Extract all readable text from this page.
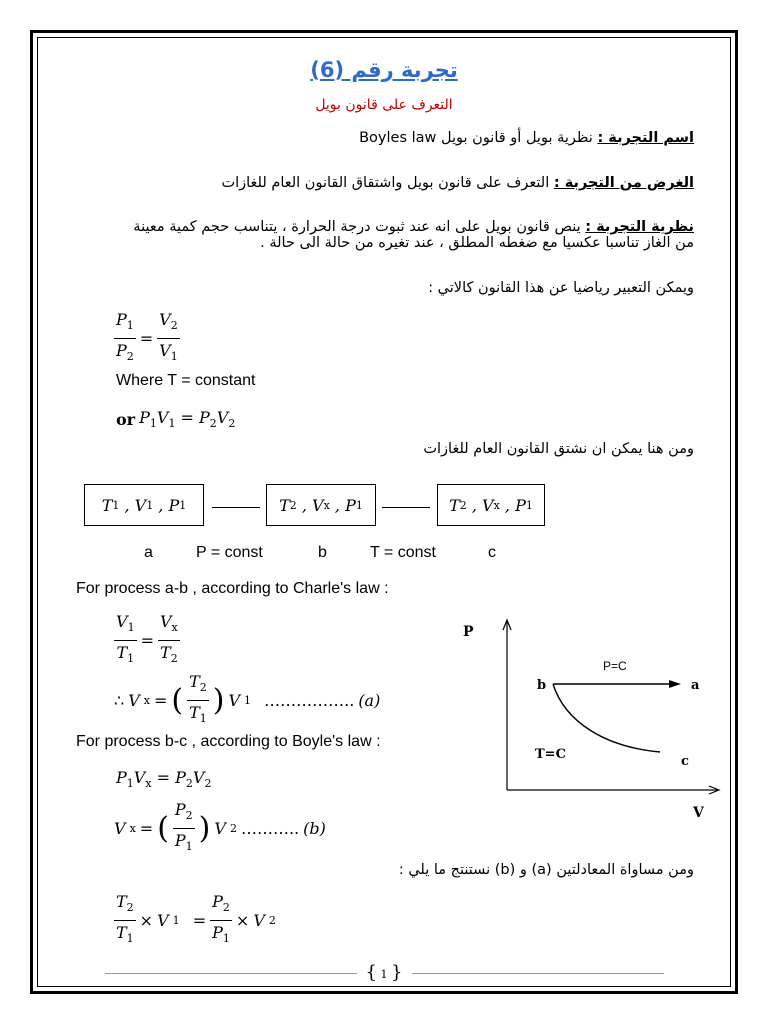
تجربة رقم (6)
التعرف على قانون بويل
اسم التجربة : نظرية بويل أو قانون بويل Boyles law
الغرض من التجربة : التعرف على قانون بويل واشتقاق القانون العام للغازات
نظرية التجربة : ينص قانون بويل على انه عند ثبوت درجة الحرارة ، يتناسب حجم كمية معينة
من الغاز تناسبا عكسيا مع ضغطه المطلق ، عند تغيره من حالة الى حالة .
ويمكن التعبير رياضيا عن هذا القانون كالاتي :
$\frac{P_1}{P_2} = \frac{V_2}{V_1}$
Where T = constant
or $P_1V_1 = P_2V_2$
ومن هنا يمكن ان نشتق القانون العام للغازات
T 1 , V 1 , P 1	T 2 , V x , P 1	T 2 , V x , P 1
a	P = const	b	T = const	c
For process a-b , according to Charle's law :
$\frac{V_1}{T_1} = \frac{V_x}{T_2}$
∴ V x = ( $\frac{T_2}{T_1}$ ) V 1
…………….. (a)
For process b-c , according to Boyle's law :
$P_1V_x = P_2V_2$
V x = ( $\frac{P_2}{P_1}$ ) V 2 ……….. (b)
ومن مساواة المعادلتين (a) و (b) نستنتج ما يلي :
$\frac{T_2}{T_1} \times V$ 1
= $\frac{P_2}{P_1} \times V$ 2
P
V
P=C
T=C
b	a
c
{ 1 }
